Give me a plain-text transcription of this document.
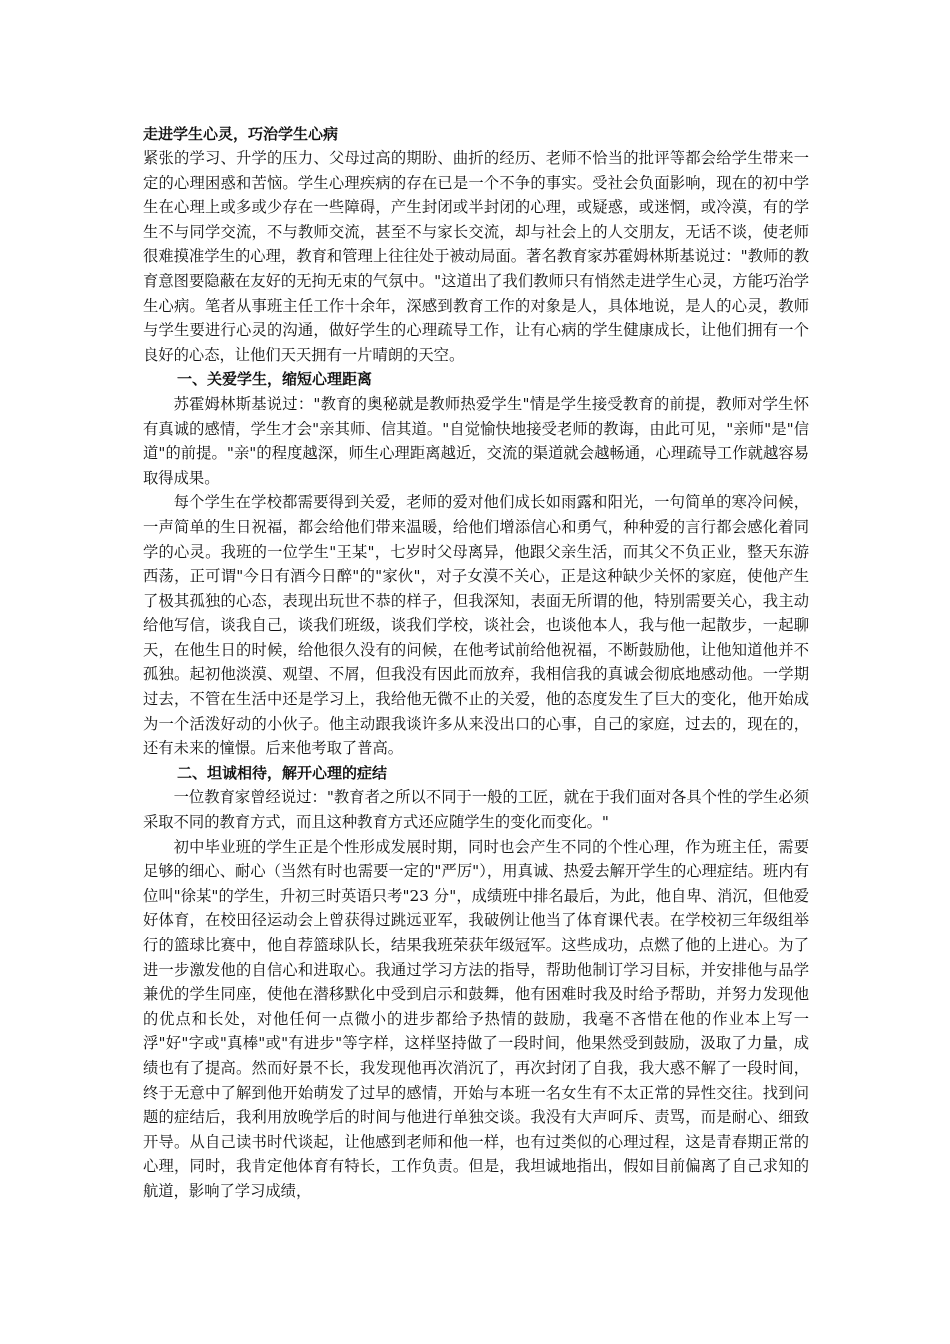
走进学生心灵，巧治学生心病

紧张的学习、升学的压力、父母过高的期盼、曲折的经历、老师不恰当的批评等都会给学生带来一定的心理困惑和苦恼。学生心理疾病的存在已是一个不争的事实。受社会负面影响，现在的初中学生在心理上或多或少存在一些障碍，产生封闭或半封闭的心理，或疑惑，或迷惘，或冷漠，有的学生不与同学交流，不与教师交流，甚至不与家长交流，却与社会上的人交朋友，无话不谈，使老师很难摸准学生的心理，教育和管理上往往处于被动局面。著名教育家苏霍姆林斯基说过："教师的教育意图要隐蔽在友好的无拘无束的气氛中。"这道出了我们教师只有悄然走进学生心灵，方能巧治学生心病。笔者从事班主任工作十余年，深感到教育工作的对象是人，具体地说，是人的心灵，教师与学生要进行心灵的沟通，做好学生的心理疏导工作，让有心病的学生健康成长，让他们拥有一个良好的心态，让他们天天拥有一片晴朗的天空。

一、关爱学生，缩短心理距离

苏霍姆林斯基说过："教育的奥秘就是教师热爱学生"情是学生接受教育的前提，教师对学生怀有真诚的感情，学生才会"亲其师、信其道。"自觉愉快地接受老师的教诲，由此可见，"亲师"是"信道"的前提。"亲"的程度越深，师生心理距离越近，交流的渠道就会越畅通，心理疏导工作就越容易取得成果。

每个学生在学校都需要得到关爱，老师的爱对他们成长如雨露和阳光，一句简单的寒冷问候，一声简单的生日祝福，都会给他们带来温暖，给他们增添信心和勇气，种种爱的言行都会感化着同学的心灵。我班的一位学生"王某"，七岁时父母离异，他跟父亲生活，而其父不负正业，整天东游西荡，正可谓"今日有酒今日醉"的"家伙"，对子女漠不关心，正是这种缺少关怀的家庭，使他产生了极其孤独的心态，表现出玩世不恭的样子，但我深知，表面无所谓的他，特别需要关心，我主动给他写信，谈我自己，谈我们班级，谈我们学校，谈社会，也谈他本人，我与他一起散步，一起聊天，在他生日的时候，给他很久没有的问候，在他考试前给他祝福，不断鼓励他，让他知道他并不孤独。起初他淡漠、观望、不屑，但我没有因此而放弃，我相信我的真诚会彻底地感动他。一学期过去，不管在生活中还是学习上，我给他无微不止的关爱，他的态度发生了巨大的变化，他开始成为一个活泼好动的小伙子。他主动跟我谈许多从来没出口的心事，自己的家庭，过去的，现在的，还有未来的憧憬。后来他考取了普高。

二、坦诚相待，解开心理的症结

一位教育家曾经说过："教育者之所以不同于一般的工匠，就在于我们面对各具个性的学生必须采取不同的教育方式，而且这种教育方式还应随学生的变化而变化。"

初中毕业班的学生正是个性形成发展时期，同时也会产生不同的个性心理，作为班主任，需要足够的细心、耐心（当然有时也需要一定的"严厉"），用真诚、热爱去解开学生的心理症结。班内有位叫"徐某"的学生，升初三时英语只考"23 分"，成绩班中排名最后，为此，他自卑、消沉，但他爱好体育，在校田径运动会上曾获得过跳远亚军，我破例让他当了体育课代表。在学校初三年级组举行的篮球比赛中，他自荐篮球队长，结果我班荣获年级冠军。这些成功，点燃了他的上进心。为了进一步激发他的自信心和进取心。我通过学习方法的指导，帮助他制订学习目标，并安排他与品学兼优的学生同座，使他在潜移默化中受到启示和鼓舞，他有困难时我及时给予帮助，并努力发现他的优点和长处，对他任何一点微小的进步都给予热情的鼓励，我毫不吝惜在他的作业本上写一浮"好"字或"真棒"或"有进步"等字样，这样坚持做了一段时间，他果然受到鼓励，汲取了力量，成绩也有了提高。然而好景不长，我发现他再次消沉了，再次封闭了自我，我大惑不解了一段时间，终于无意中了解到他开始萌发了过早的感情，开始与本班一名女生有不太正常的异性交往。找到问题的症结后，我利用放晚学后的时间与他进行单独交谈。我没有大声呵斥、责骂，而是耐心、细致开导。从自己读书时代谈起，让他感到老师和他一样，也有过类似的心理过程，这是青春期正常的心理，同时，我肯定他体育有特长，工作负责。但是，我坦诚地指出，假如目前偏离了自己求知的航道，影响了学习成绩，
